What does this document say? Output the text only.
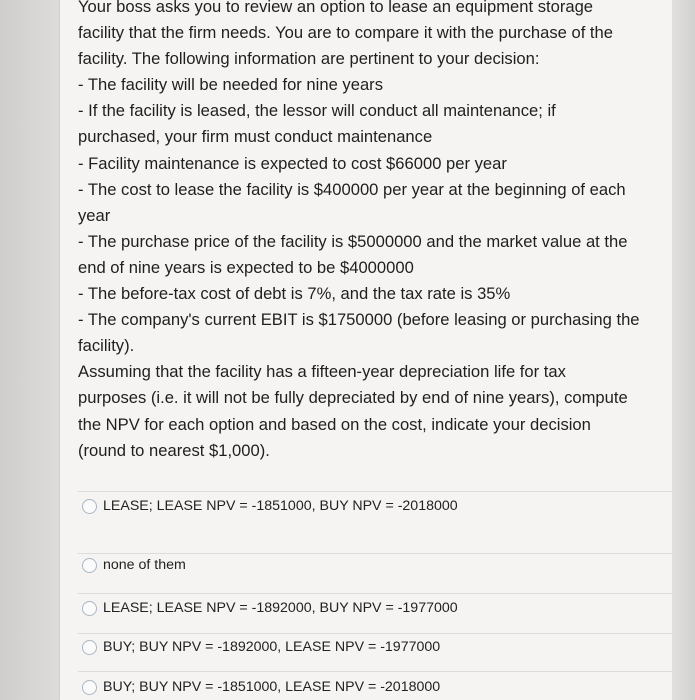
Your boss asks you to review an option to lease an equipment storage

facility that the firm needs. You are to compare it with the purchase of the

facility. The following information are pertinent to your decision:

- The facility will be needed for nine years

- If the facility is leased, the lessor will conduct all maintenance; if

purchased, your firm must conduct maintenance

- Facility maintenance is expected to cost $66000 per year

- The cost to lease the facility is $400000 per year at the beginning of each

year

- The purchase price of the facility is $5000000 and the market value at the

end of nine years is expected to be $4000000

- The before-tax cost of debt is 7%, and the tax rate is 35%

- The company's current EBIT is $1750000 (before leasing or purchasing the

facility).

Assuming that the facility has a fifteen-year depreciation life for tax

purposes (i.e. it will not be fully depreciated by end of nine years), compute

the NPV for each option and based on the cost, indicate your decision

(round to nearest $1,000).

LEASE; LEASE NPV = -1851000, BUY NPV = -2018000
none of them
LEASE; LEASE NPV = -1892000, BUY NPV = -1977000
BUY; BUY NPV = -1892000, LEASE NPV = -1977000
BUY; BUY NPV = -1851000, LEASE NPV = -2018000
